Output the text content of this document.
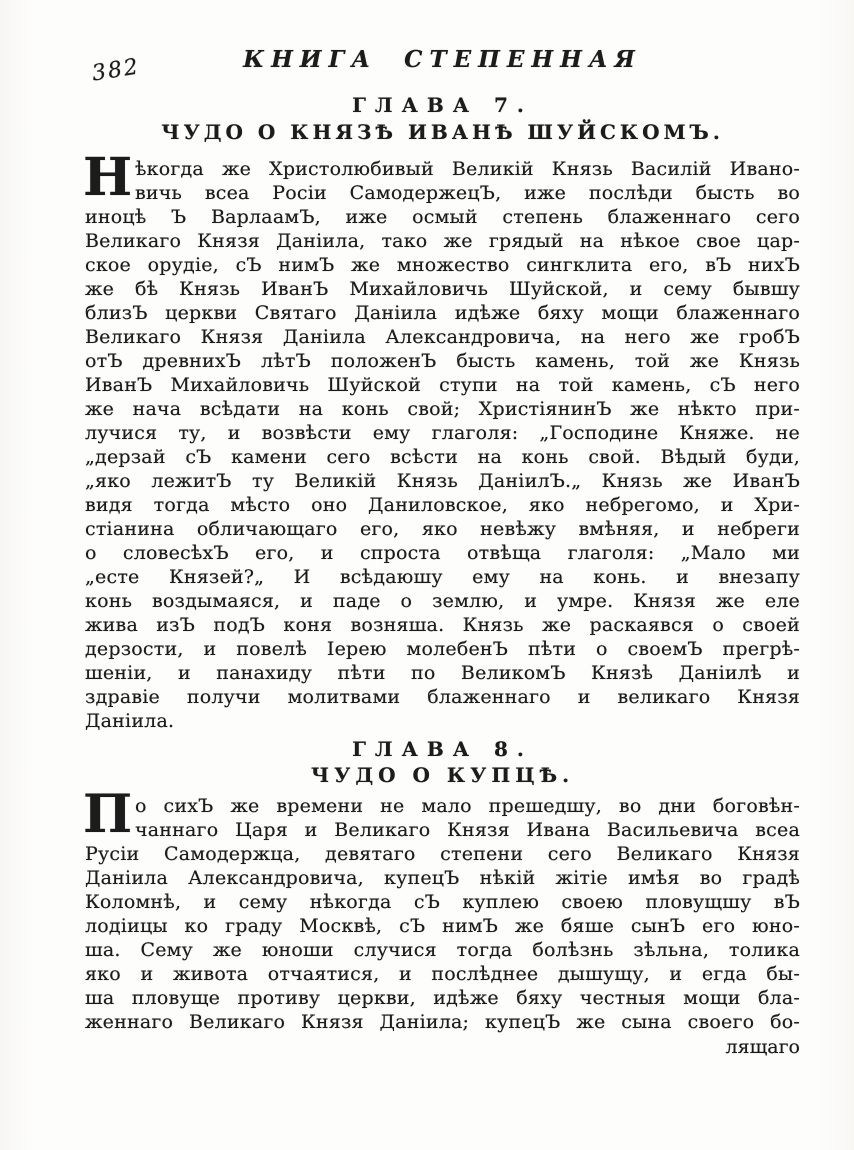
382	КНИГА СТЕПЕННАЯ
ГЛАВА 7.
ЧУДО О КНЯЗѢ ИВАНѢ ШУЙСКОМЪ.
Н ѣкогда же Христолюбивый Великій Князь Василій Ивано-
вичь всеа Росіи СамодержецЪ, иже послѣди бысть во
иноцѣ Ъ ВарлаамЪ, иже осмый степень блаженнаго сего
Великаго Князя Даніила, тако же грядый на нѣкое свое цар-
ское орудіе, сЪ нимЪ же множество сингклита его, вЪ нихЪ
же бѣ Князь ИванЪ Михайловичь Шуйской, и сему бывшу
близЪ церкви Святаго Даніила идѣже бяху мощи блаженнаго
Великаго Князя Даніила Александровича, на него же гробЪ
отЪ древнихЪ лѣтЪ положенЪ бысть камень, той же Князь
ИванЪ Михайловичь Шуйской ступи на той камень, сЪ него
же нача всѣдати на конь свой; ХристіянинЪ же нѣкто при-
лучися ту, и возвѣсти ему глаголя: „Господине Княже. не
„дерзай сЪ камени сего всѣсти на конь свой. Вѣдый буди,
„яко лежитЪ ту Великій Князь ДаніилЪ.„ Князь же ИванЪ
видя тогда мѣсто оно Даниловское, яко небрегомо, и Хри-
стіанина обличающаго его, яко невѣжу вмѣняя, и небреги
о словесѣхЪ его, и спроста отвѣща глаголя: „Мало ми
„есте Князей?„ И всѣдаюшу ему на конь. и внезапу
конь воздымаяся, и паде о землю, и умре. Князя же еле
жива изЪ подЪ коня возняша. Князь же раскаявся о своей
дерзости, и повелѣ Іерею молебенЪ пѣти о своемЪ прегрѣ-
шеніи, и панахиду пѣти по ВеликомЪ Князѣ Даніилѣ и
здравіе получи молитвами блаженнаго и великаго Князя
Даніила.
ГЛАВА 8.
ЧУДО О КУПЦѢ.
П о сихЪ же времени не мало прешедшу, во дни боговѣн-
чаннаго Царя и Великаго Князя Ивана Васильевича всеа
Русіи Самодержца, девятаго степени сего Великаго Князя
Даніила Александровича, купецЪ нѣкій жітіе имѣя во градѣ
Коломнѣ, и сему нѣкогда сЪ куплею своею пловущшу вЪ
лодіицы ко граду Москвѣ, сЪ нимЪ же бяше сынЪ его юно-
ша. Сему же юноши случися тогда болѣзнь зѣльна, толика
яко и живота отчаятися, и послѣднее дышущу, и егда бы-
ша пловуще противу церкви, идѣже бяху честныя мощи бла-
женнаго Великаго Князя Даніила; купецЪ же сына своего бо-
лящаго
